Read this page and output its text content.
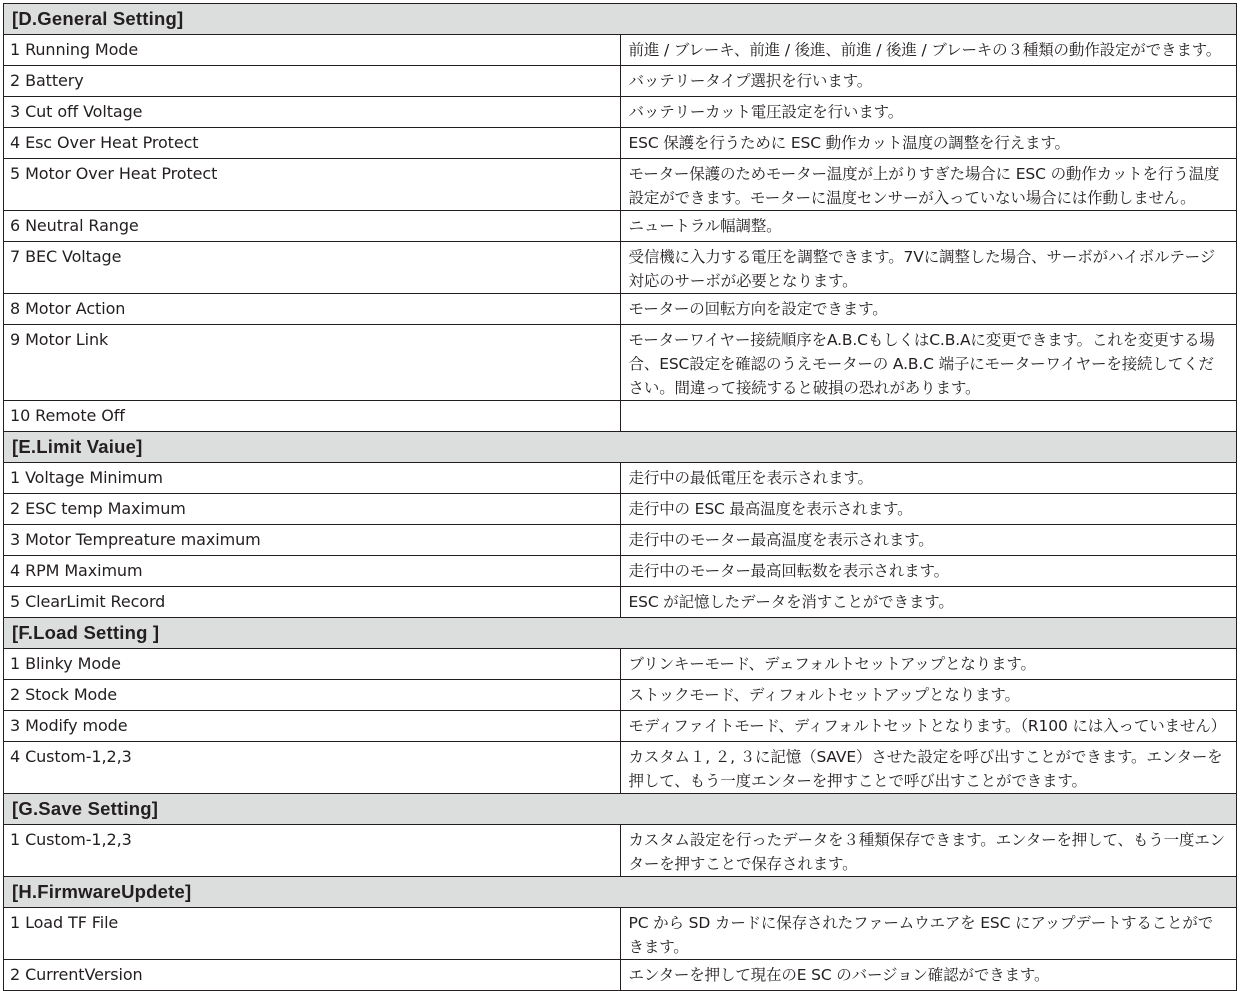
[D.General Setting]	
1 Running Mode	前進 / ブレーキ、前進 / 後進、前進 / 後進 / ブレーキの３種類の動作設定ができます。
2 Battery	バッテリータイプ選択を行います。
3 Cut off Voltage	バッテリーカット電圧設定を行います。
4 Esc Over Heat Protect	ESC 保護を行うために ESC 動作カット温度の調整を行えます。
5 Motor Over Heat Protect	モーター保護のためモーター温度が上がりすぎた場合に ESC の動作カットを行う温度設定ができます。モーターに温度センサーが入っていない場合には作動しません。
6 Neutral Range	ニュートラル幅調整。
7 BEC Voltage	受信機に入力する電圧を調整できます。7Vに調整した場合、サーボがハイボルテージ対応のサーボが必要となります。
8 Motor Action	モーターの回転方向を設定できます。
9 Motor Link	モーターワイヤー接続順序をA.B.CもしくはC.B.Aに変更できます。これを変更する場合、ESC設定を確認のうえモーターの A.B.C 端子にモーターワイヤーを接続してください。間違って接続すると破損の恐れがあります。
10 Remote Off	
[E.Limit Vaiue]	
1 Voltage Minimum	走行中の最低電圧を表示されます。
2 ESC temp Maximum	走行中の ESC 最高温度を表示されます。
3 Motor Tempreature maximum	走行中のモーター最高温度を表示されます。
4 RPM Maximum	走行中のモーター最高回転数を表示されます。
5 ClearLimit Record	ESC が記憶したデータを消すことができます。
[F.Load Setting ]	
1 Blinky Mode	ブリンキーモード、デェフォルトセットアップとなります。
2 Stock Mode	ストックモード、ディフォルトセットアップとなります。
3 Modify mode	モディファイトモード、ディフォルトセットとなります。（R100 には入っていません）
4 Custom-1,2,3	カスタム１, ２, ３に記憶（SAVE）させた設定を呼び出すことができます。エンターを押して、もう一度エンターを押すことで呼び出すことができます。
[G.Save Setting]	
1 Custom-1,2,3	カスタム設定を行ったデータを３種類保存できます。エンターを押して、もう一度エンターを押すことで保存されます。
[H.FirmwareUpdete]	
1 Load TF File	PC から SD カードに保存されたファームウエアを ESC にアップデートすることができます。
2 CurrentVersion	エンターを押して現在のE SC のバージョン確認ができます。
